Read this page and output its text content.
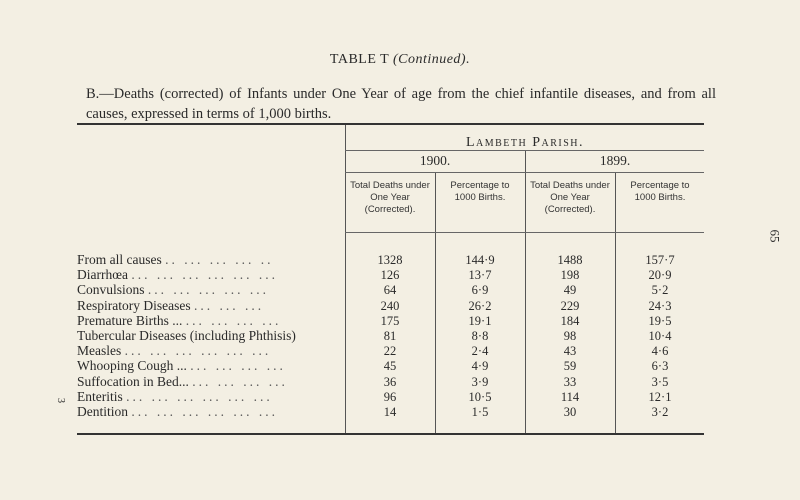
TABLE T (Continued).
B.—Deaths (corrected) of Infants under One Year of age from the chief infantile diseases, and from all causes, expressed in terms of 1,000 births.
65
3
Lambeth Parish.
1900.	1899.
Total Deaths under One Year (Corrected).
Percentage to 1000 Births.
Total Deaths under One Year (Corrected).
Percentage to 1000 Births.
From all causes .. ... ... ... ..	1328	144·9	1488	157·7
Diarrhœa ... ... ... ... ... ...	126	13·7	198	20·9
Convulsions ... ... ... ... ...	64	6·9	49	5·2
Respiratory Diseases ... ... ...	240	26·2	229	24·3
Premature Births ... ... ... ... ...	175	19·1	184	19·5
Tubercular Diseases (including Phthisis)	81	8·8	98	10·4
Measles ... ... ... ... ... ...	22	2·4	43	4·6
Whooping Cough ... ... ... ... ...	45	4·9	59	6·3
Suffocation in Bed... ... ... ... ...	36	3·9	33	3·5
Enteritis ... ... ... ... ... ...	96	10·5	114	12·1
Dentition ... ... ... ... ... ...	14	1·5	30	3·2
